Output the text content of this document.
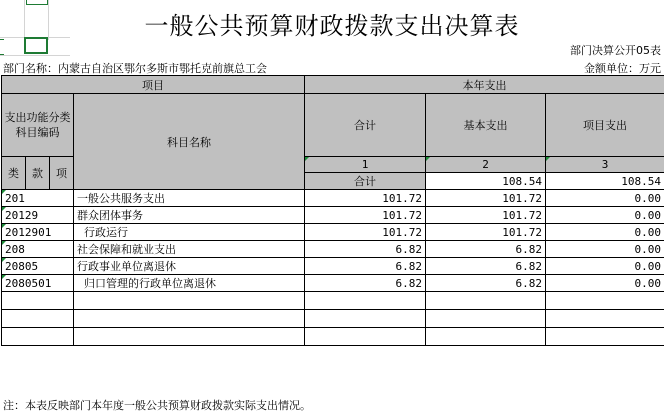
一般公共预算财政拨款支出决算表
部门决算公开05表
部门名称：内蒙古自治区鄂尔多斯市鄂托克前旗总工会	金额单位：万元
项目				本年支出			
支出功能分类科目编码			科目名称	合计	基本支出	项目支出	
类	款	项		1	2	3	
				合计	108.54	108.54	
201			一般公共服务支出	101.72	101.72	0.00	
20129			群众团体事务	101.72	101.72	0.00	
2012901			行政运行	101.72	101.72	0.00	
208			社会保障和就业支出	6.82	6.82	0.00	
20805			行政事业单位离退休	6.82	6.82	0.00	
2080501			归口管理的行政单位离退休	6.82	6.82	0.00	

注：本表反映部门本年度一般公共预算财政拨款实际支出情况。
